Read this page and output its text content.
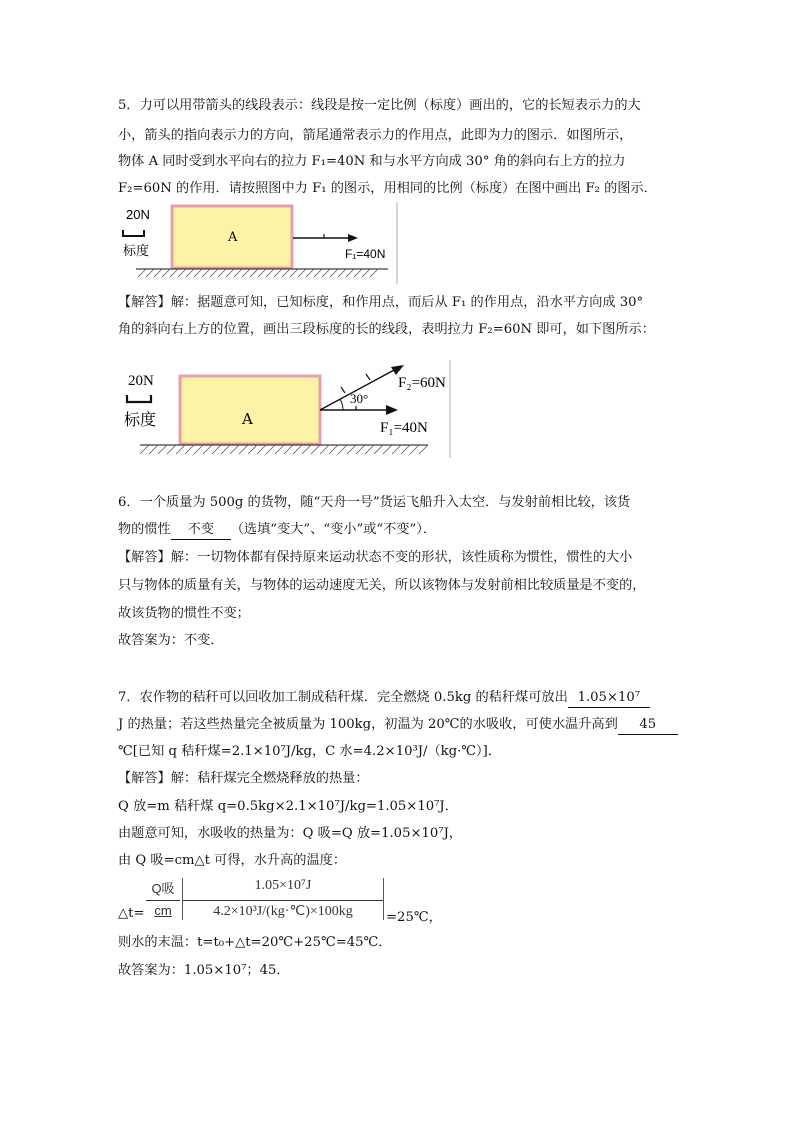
5．力可以用带箭头的线段表示：线段是按一定比例（标度）画出的，它的长短表示力的大
小，箭头的指向表示力的方向，箭尾通常表示力的作用点，此即为力的图示．如图所示，
物体 A 同时受到水平向右的拉力 F₁=40N 和与水平方向成 30° 角的斜向右上方的拉力
F₂=60N 的作用．请按照图中力 F₁ 的图示，用相同的比例（标度）在图中画出 F₂ 的图示．
20N
标度
A
F₁=40N
【解答】解：据题意可知，已知标度，和作用点，而后从 F₁ 的作用点，沿水平方向成 30°
角的斜向右上方的位置，画出三段标度的长的线段，表明拉力 F₂=60N 即可，如下图所示：
20N
标度	A	F₁=40N
F₂=60N
30°
6．一个质量为 500g 的货物，随“天舟一号”货运飞船升入太空．与发射前相比较，该货
物的惯性 不变 （选填“变大”、“变小”或“不变”）．
【解答】解：一切物体都有保持原来运动状态不变的形状，该性质称为惯性，惯性的大小
只与物体的质量有关，与物体的运动速度无关，所以该物体与发射前相比较质量是不变的，
故该货物的惯性不变；
故答案为：不变．
7．农作物的秸秆可以回收加工制成秸秆煤．完全燃烧 0.5kg 的秸秆煤可放出 1.05×10⁷
J 的热量；若这些热量完全被质量为 100kg，初温为 20℃的水吸收，可使水温升高到 45
℃[已知 q 秸秆煤=2.1×10⁷J/kg，C 水=4.2×10³J/（kg·℃）]．
【解答】解：秸秆煤完全燃烧释放的热量：
Q 放=m 秸秆煤 q=0.5kg×2.1×10⁷J/kg=1.05×10⁷J．
由题意可知，水吸收的热量为：Q 吸=Q 放=1.05×10⁷J，
由 Q 吸=cm△t 可得，水升高的温度：
△t=
Q吸
cm $\frac{\text{1.05×10⁷J}}{\text{4.2×10³J/(kg·℃)×100kg}}$ =25℃，
则水的末温：t=t₀+△t=20℃+25℃=45℃．
故答案为：1.05×10⁷；45．
